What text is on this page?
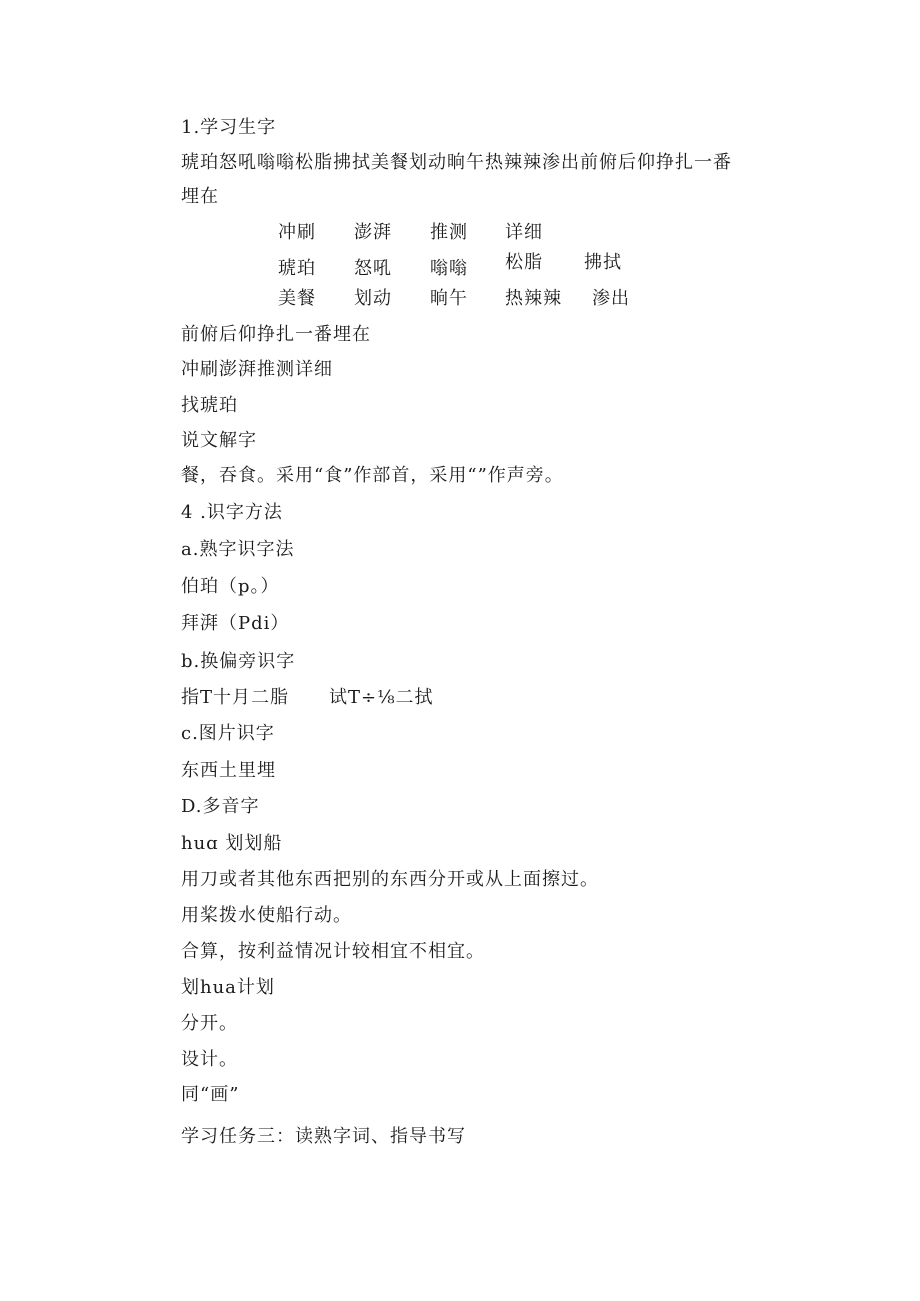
1.学习生字
琥珀怒吼嗡嗡松脂拂拭美餐划动晌午热辣辣渗出前俯后仰挣扎一番
埋在
冲刷 澎湃 推测 详细
琥珀 怒吼 嗡嗡 松脂 拂拭
美餐 划动 晌午 热辣辣 渗出
前俯后仰挣扎一番埋在
冲刷澎湃推测详细
找琥珀
说文解字
餐，吞食。采用“食”作部首，采用“”作声旁。
4 .识字方法
a.熟字识字法
伯珀（p。）
拜湃（Pdi）
b.换偏旁识字
指T十月二脂 试T÷⅛二拭
c.图片识字
东西土里埋
D.多音字
huɑ 划划船
用刀或者其他东西把别的东西分开或从上面擦过。
用桨拨水使船行动。
合算，按利益情况计较相宜不相宜。
划hua计划
分开。
设计。
同“画”
学习任务三：读熟字词、指导书写
